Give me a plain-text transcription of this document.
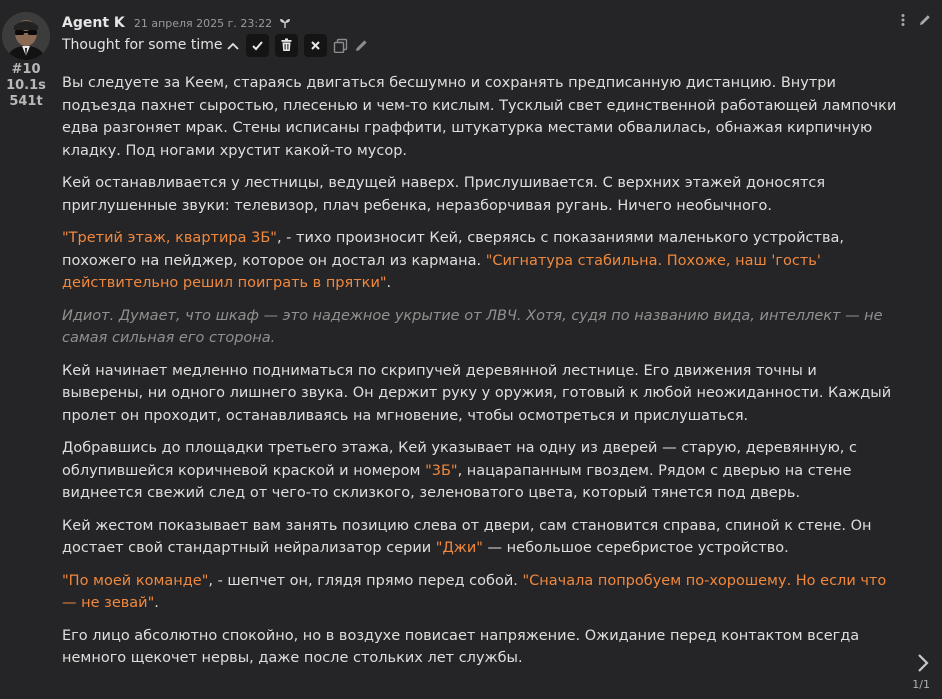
#10
10.1s
541t
Agent K 21 апреля 2025 г. 23:22
Thought for some time

Вы следуете за Кеем, стараясь двигаться бесшумно и сохранять предписанную дистанцию. Внутри подъезда пахнет сыростью, плесенью и чем-то кислым. Тусклый свет единственной работающей лампочки едва разгоняет мрак. Стены исписаны граффити, штукатурка местами обвалилась, обнажая кирпичную кладку. Под ногами хрустит какой-то мусор.

Кей останавливается у лестницы, ведущей наверх. Прислушивается. С верхних этажей доносятся приглушенные звуки: телевизор, плач ребенка, неразборчивая ругань. Ничего необычного.

"Третий этаж, квартира 3Б", - тихо произносит Кей, сверяясь с показаниями маленького устройства, похожего на пейджер, которое он достал из кармана. "Сигнатура стабильна. Похоже, наш 'гость' действительно решил поиграть в прятки".

Идиот. Думает, что шкаф — это надежное укрытие от ЛВЧ. Хотя, судя по названию вида, интеллект — не самая сильная его сторона.

Кей начинает медленно подниматься по скрипучей деревянной лестнице. Его движения точны и выверены, ни одного лишнего звука. Он держит руку у оружия, готовый к любой неожиданности. Каждый пролет он проходит, останавливаясь на мгновение, чтобы осмотреться и прислушаться.

Добравшись до площадки третьего этажа, Кей указывает на одну из дверей — старую, деревянную, с облупившейся коричневой краской и номером "3Б", нацарапанным гвоздем. Рядом с дверью на стене виднеется свежий след от чего-то склизкого, зеленоватого цвета, который тянется под дверь.

Кей жестом показывает вам занять позицию слева от двери, сам становится справа, спиной к стене. Он достает свой стандартный нейрализатор серии "Джи" — небольшое серебристое устройство.

"По моей команде", - шепчет он, глядя прямо перед собой. "Сначала попробуем по-хорошему. Но если что — не зевай".

Его лицо абсолютно спокойно, но в воздухе повисает напряжение. Ожидание перед контактом всегда немного щекочет нервы, даже после стольких лет службы.

1/1
